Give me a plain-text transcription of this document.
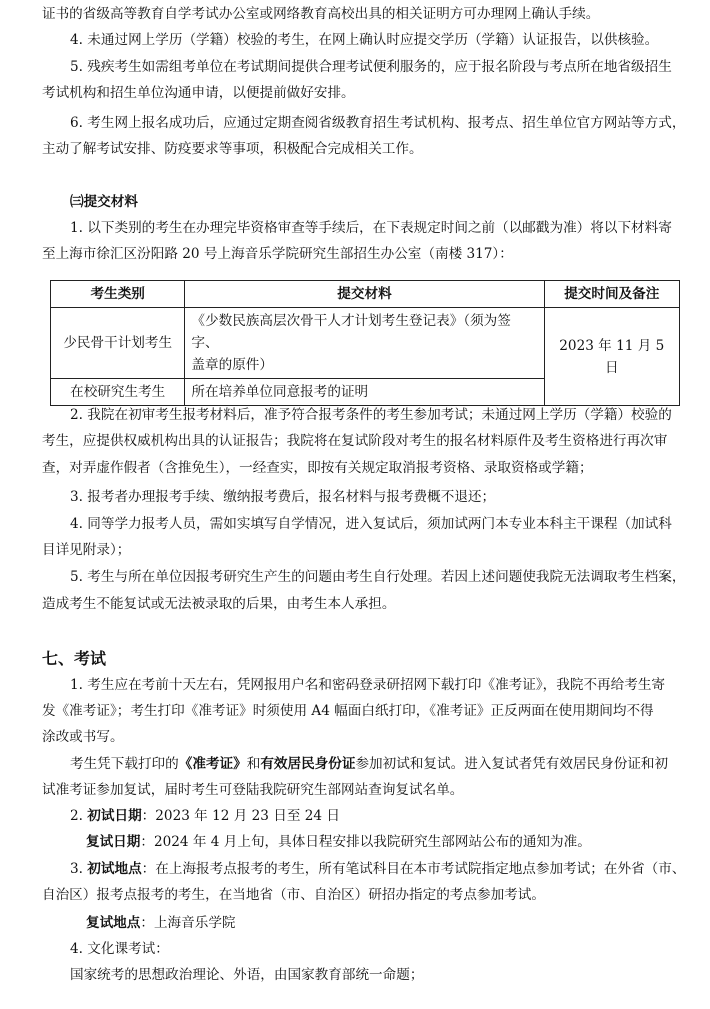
证书的省级高等教育自学考试办公室或网络教育高校出具的相关证明方可办理网上确认手续。
4. 未通过网上学历（学籍）校验的考生，在网上确认时应提交学历（学籍）认证报告，以供核验。
5. 残疾考生如需组考单位在考试期间提供合理考试便利服务的，应于报名阶段与考点所在地省级招生
考试机构和招生单位沟通申请，以便提前做好安排。
6. 考生网上报名成功后，应通过定期查阅省级教育招生考试机构、报考点、招生单位官方网站等方式，
主动了解考试安排、防疫要求等事项，积极配合完成相关工作。
㈢提交材料
1. 以下类别的考生在办理完毕资格审查等手续后，在下表规定时间之前（以邮戳为准）将以下材料寄
至上海市徐汇区汾阳路 20 号上海音乐学院研究生部招生办公室（南楼 317）：
考生类别	提交材料	提交时间及备注
少民骨干计划考生	《少数民族高层次骨干人才计划考生登记表》（须为签字、
盖章的原件）	2023 年 11 月 5 日
在校研究生考生	所在培养单位同意报考的证明	
2. 我院在初审考生报考材料后，准予符合报考条件的考生参加考试；未通过网上学历（学籍）校验的
考生，应提供权威机构出具的认证报告；我院将在复试阶段对考生的报名材料原件及考生资格进行再次审
查，对弄虚作假者（含推免生），一经查实，即按有关规定取消报考资格、录取资格或学籍；
3. 报考者办理报考手续、缴纳报考费后，报名材料与报考费概不退还；
4. 同等学力报考人员，需如实填写自学情况，进入复试后，须加试两门本专业本科主干课程（加试科
目详见附录）；
5. 考生与所在单位因报考研究生产生的问题由考生自行处理。若因上述问题使我院无法调取考生档案，
造成考生不能复试或无法被录取的后果，由考生本人承担。
七、考试
1. 考生应在考前十天左右，凭网报用户名和密码登录研招网下载打印《准考证》，我院不再给考生寄
发《准考证》；考生打印《准考证》时须使用 A4 幅面白纸打印，《准考证》正反两面在使用期间均不得
涂改或书写。
考生凭下载打印的《准考证》和有效居民身份证参加初试和复试。进入复试者凭有效居民身份证和初
试准考证参加复试，届时考生可登陆我院研究生部网站查询复试名单。
2. 初试日期：2023 年 12 月 23 日至 24 日
复试日期：2024 年 4 月上旬，具体日程安排以我院研究生部网站公布的通知为准。
3. 初试地点：在上海报考点报考的考生，所有笔试科目在本市考试院指定地点参加考试；在外省（市、
自治区）报考点报考的考生，在当地省（市、自治区）研招办指定的考点参加考试。
复试地点：上海音乐学院
4. 文化课考试：
国家统考的思想政治理论、外语，由国家教育部统一命题；
